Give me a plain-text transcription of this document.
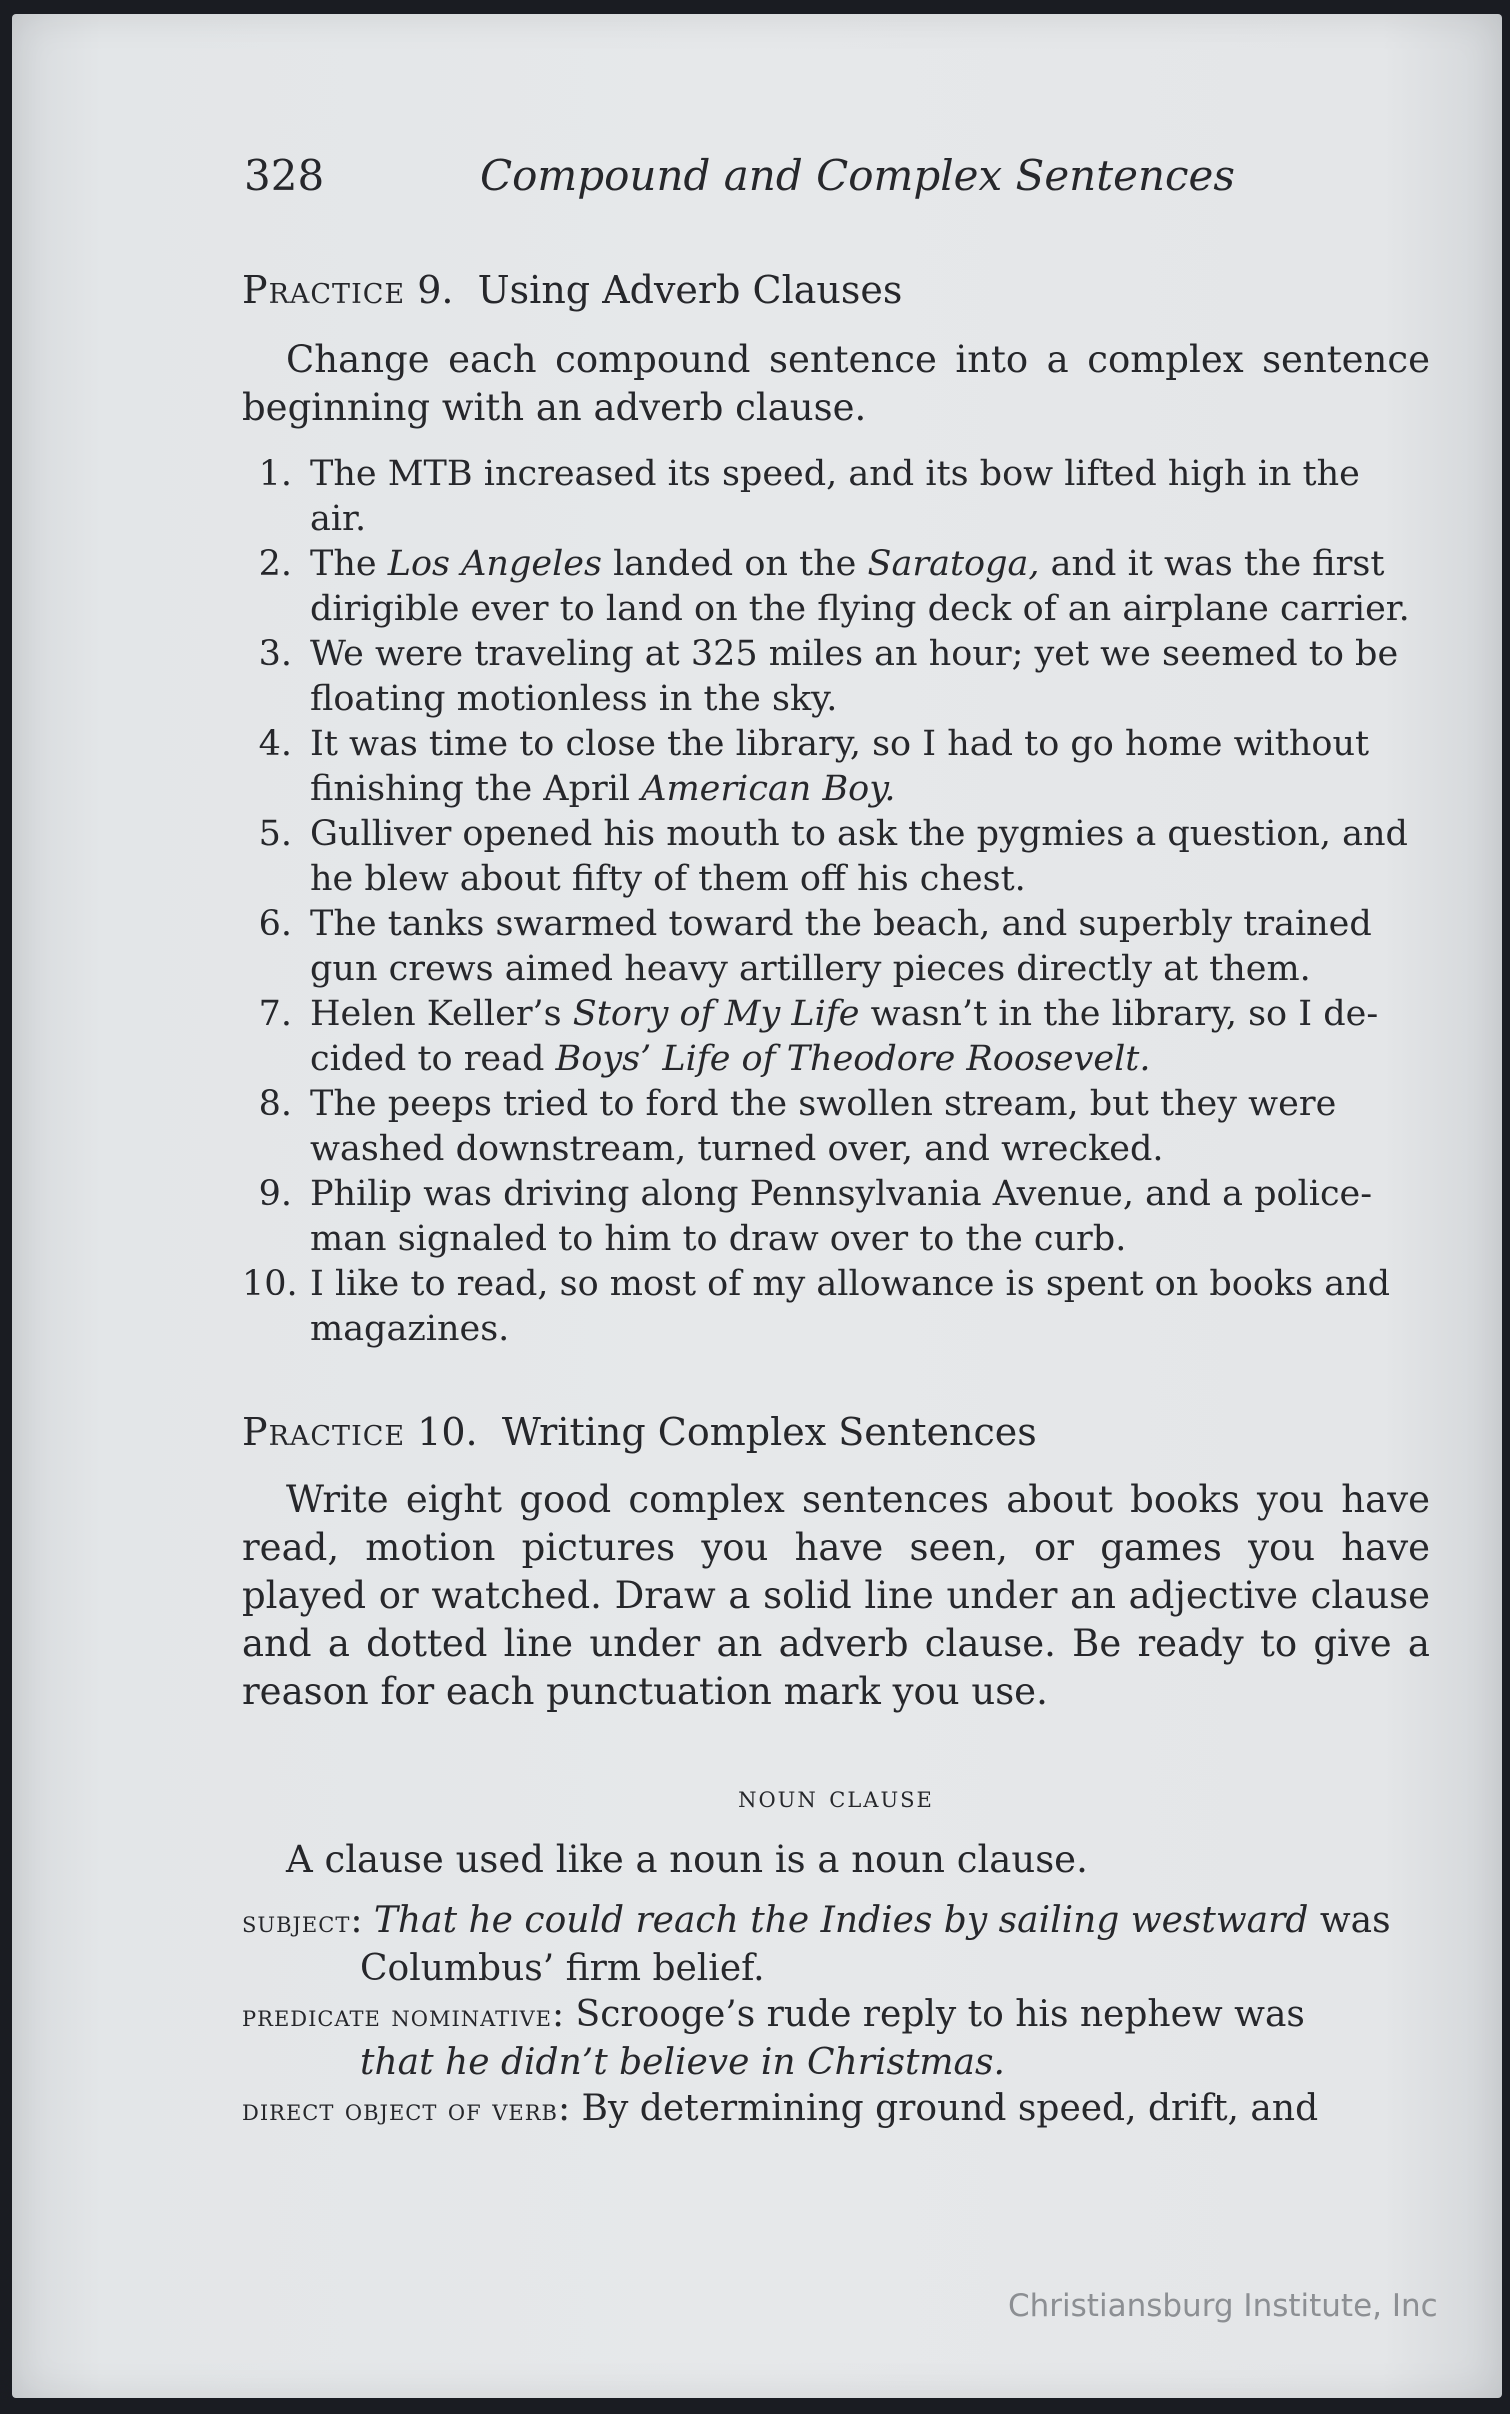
328	Compound and Complex Sentences
Practice 9. Using Adverb Clauses

Change each compound sentence into a complex sentence beginning with an adverb clause.

1. The MTB increased its speed, and its bow lifted high in the
air.
2. The Los Angeles landed on the Saratoga, and it was the first
dirigible ever to land on the flying deck of an airplane carrier.
3. We were traveling at 325 miles an hour; yet we seemed to be
floating motionless in the sky.
4. It was time to close the library, so I had to go home without
finishing the April American Boy.
5. Gulliver opened his mouth to ask the pygmies a question, and
he blew about fifty of them off his chest.
6. The tanks swarmed toward the beach, and superbly trained
gun crews aimed heavy artillery pieces directly at them.
7. Helen Keller’s Story of My Life wasn’t in the library, so I de-
cided to read Boys’ Life of Theodore Roosevelt.
8. The peeps tried to ford the swollen stream, but they were
washed downstream, turned over, and wrecked.
9. Philip was driving along Pennsylvania Avenue, and a police-
man signaled to him to draw over to the curb.
10. I like to read, so most of my allowance is spent on books and
magazines.
Practice 10. Writing Complex Sentences

Write eight good complex sentences about books you have read, motion pictures you have seen, or games you have played or watched. Draw a solid line under an adjective clause and a dotted line under an adverb clause. Be ready to give a reason for each punctuation mark you use.

noun clause

A clause used like a noun is a noun clause.

subject: That he could reach the Indies by sailing westward was
Columbus’ firm belief.
predicate nominative: Scrooge’s rude reply to his nephew was
that he didn’t believe in Christmas.
direct object of verb: By determining ground speed, drift, and
Christiansburg Institute, Inc
